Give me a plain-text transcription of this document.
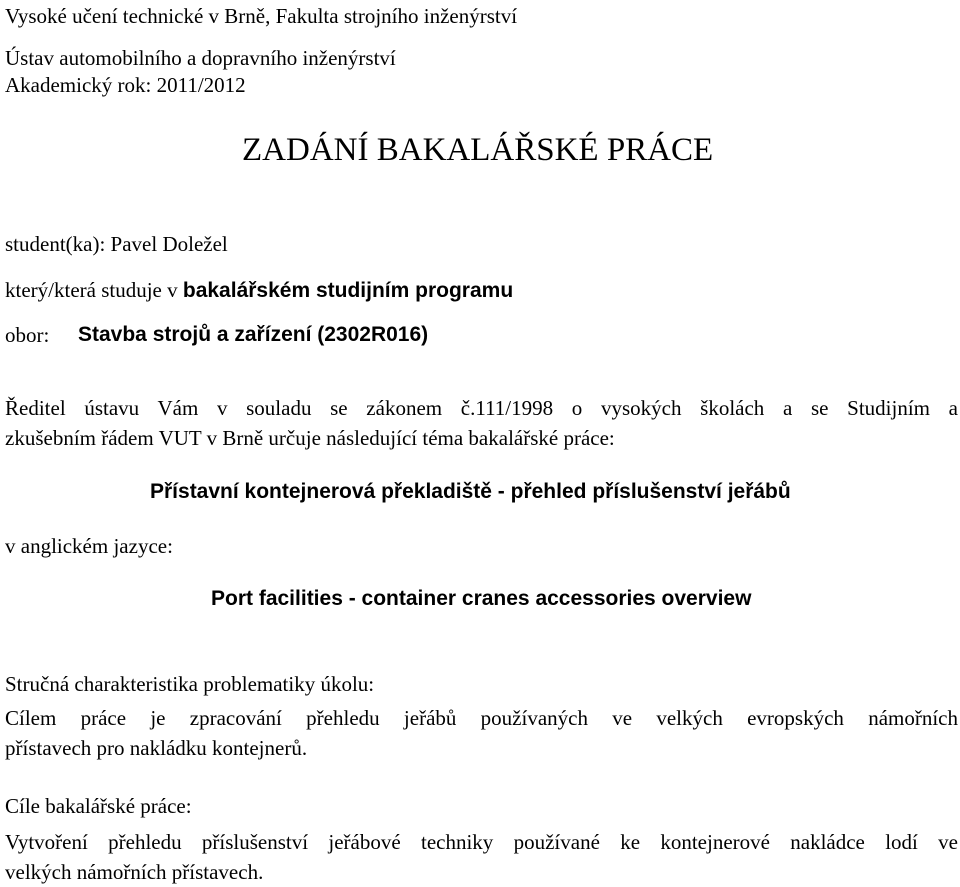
Vysoké učení technické v Brně, Fakulta strojního inženýrství

Ústav automobilního a dopravního inženýrství

Akademický rok: 2011/2012

ZADÁNÍ BAKALÁŘSKÉ PRÁCE

student(ka): Pavel Doležel

který/která studuje v bakalářském studijním programu

obor: Stavba strojů a zařízení (2302R016)

Ředitel ústavu Vám v souladu se zákonem č.111/1998 o vysokých školách a se Studijním a
zkušebním řádem VUT v Brně určuje následující téma bakalářské práce:

Přístavní kontejnerová překladiště - přehled příslušenství jeřábů

v anglickém jazyce:

Port facilities - container cranes accessories overview

Stručná charakteristika problematiky úkolu:

Cílem práce je zpracování přehledu jeřábů používaných ve velkých evropských námořních
přístavech pro nakládku kontejnerů.

Cíle bakalářské práce:

Vytvoření přehledu příslušenství jeřábové techniky používané ke kontejnerové nakládce lodí ve
velkých námořních přístavech.
